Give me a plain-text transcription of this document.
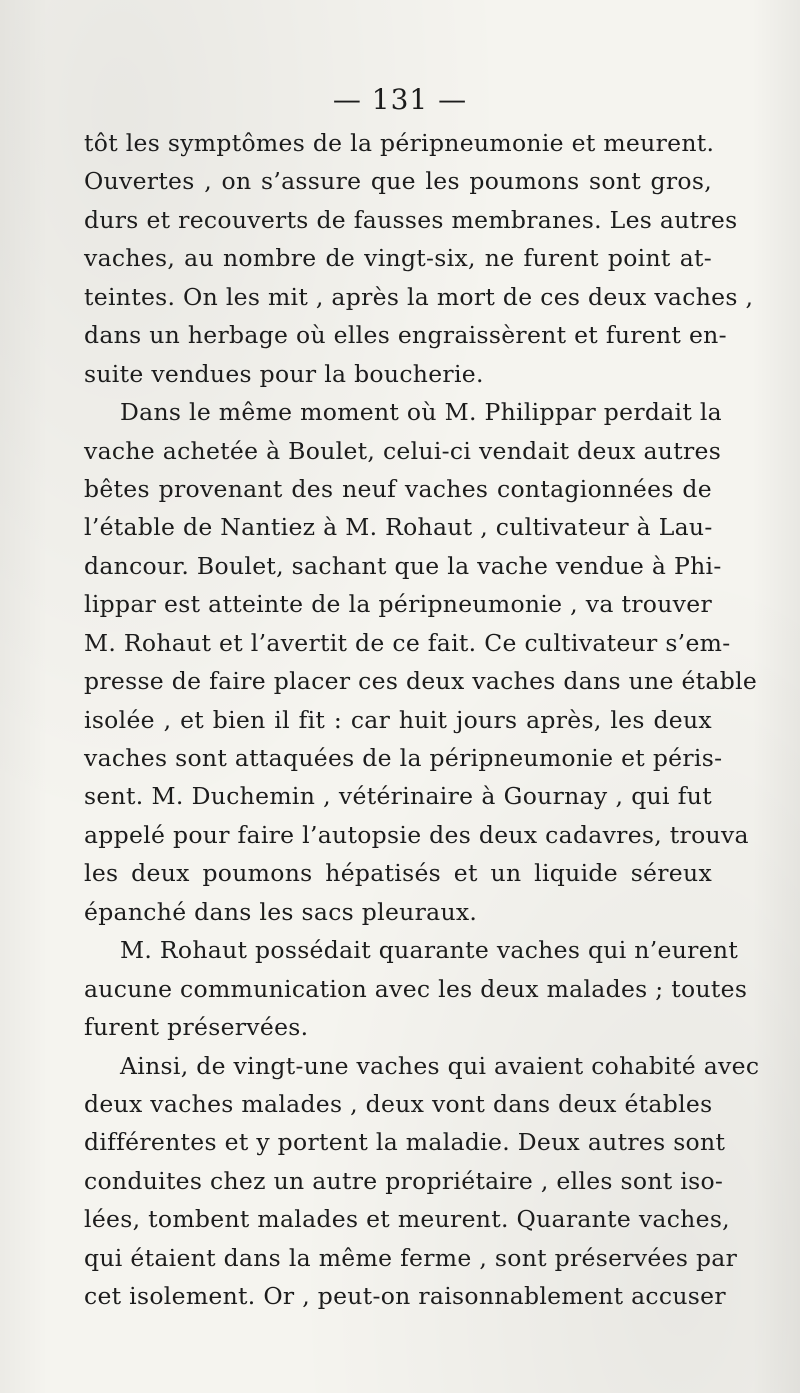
— 131 —
tôt les symptômes de la péripneumonie et meurent.
Ouvertes , on s’assure que les poumons sont gros,
durs et recouverts de fausses membranes. Les autres
vaches, au nombre de vingt-six, ne furent point at-
teintes. On les mit , après la mort de ces deux vaches ,
dans un herbage où elles engraissèrent et furent en-
suite vendues pour la boucherie.
Dans le même moment où M. Philippar perdait la
vache achetée à Boulet, celui-ci vendait deux autres
bêtes provenant des neuf vaches contagionnées de
l’étable de Nantiez à M. Rohaut , cultivateur à Lau-
dancour. Boulet, sachant que la vache vendue à Phi-
lippar est atteinte de la péripneumonie , va trouver
M. Rohaut et l’avertit de ce fait. Ce cultivateur s’em-
presse de faire placer ces deux vaches dans une étable
isolée , et bien il fit : car huit jours après, les deux
vaches sont attaquées de la péripneumonie et péris-
sent. M. Duchemin , vétérinaire à Gournay , qui fut
appelé pour faire l’autopsie des deux cadavres, trouva
les deux poumons hépatisés et un liquide séreux
épanché dans les sacs pleuraux.
M. Rohaut possédait quarante vaches qui n’eurent
aucune communication avec les deux malades ; toutes
furent préservées.
Ainsi, de vingt-une vaches qui avaient cohabité avec
deux vaches malades , deux vont dans deux étables
différentes et y portent la maladie. Deux autres sont
conduites chez un autre propriétaire , elles sont iso-
lées, tombent malades et meurent. Quarante vaches,
qui étaient dans la même ferme , sont préservées par
cet isolement. Or , peut-on raisonnablement accuser
